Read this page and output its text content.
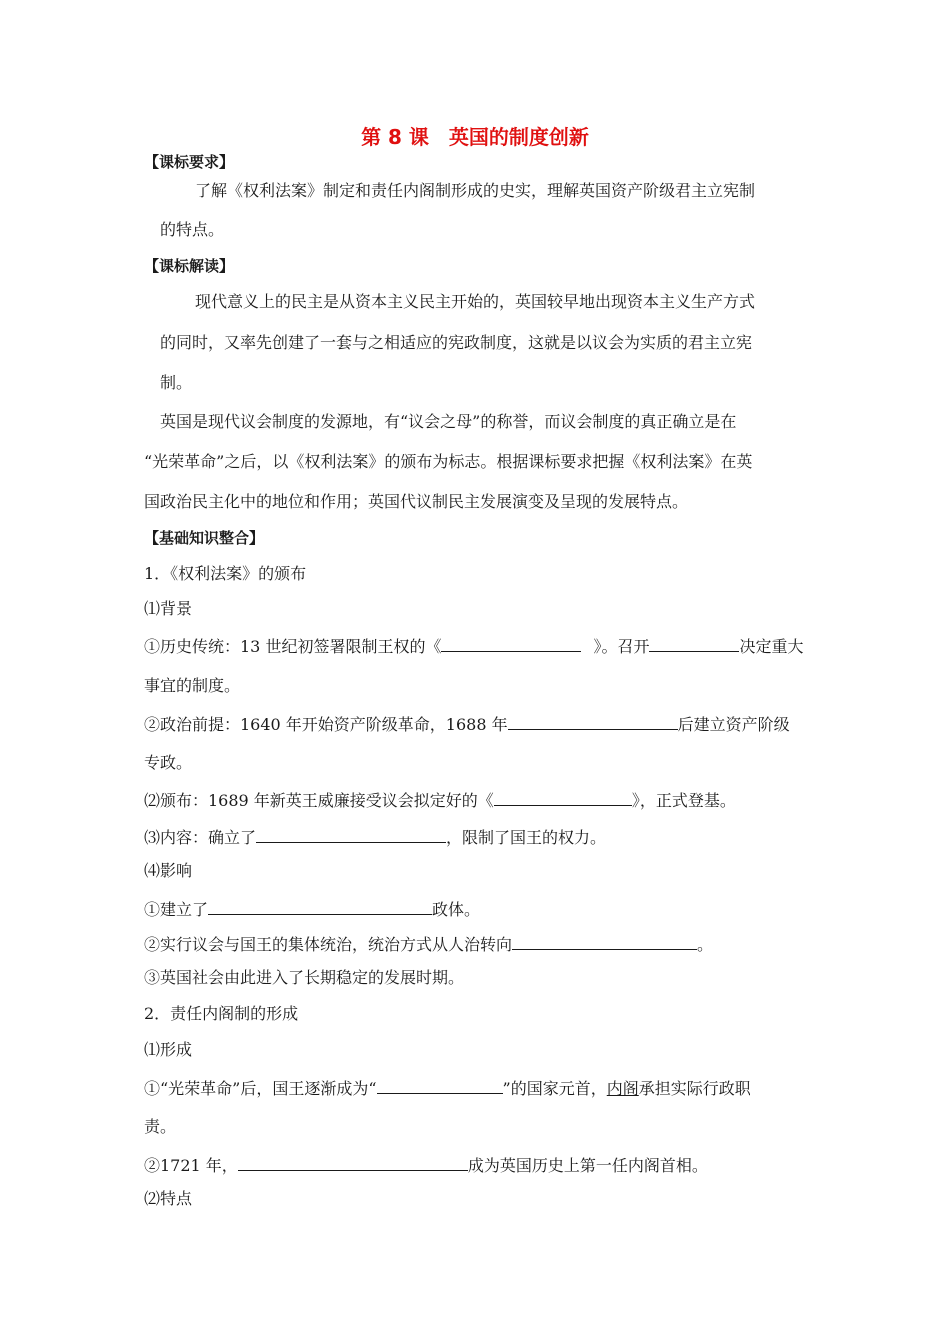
第 8 课　英国的制度创新
【课标要求】
了解《权利法案》制定和责任内阁制形成的史实，理解英国资产阶级君主立宪制
的特点。
【课标解读】
现代意义上的民主是从资本主义民主开始的，英国较早地出现资本主义生产方式
的同时，又率先创建了一套与之相适应的宪政制度，这就是以议会为实质的君主立宪
制。
英国是现代议会制度的发源地，有“议会之母”的称誉，而议会制度的真正确立是在
“光荣革命”之后，以《权利法案》的颁布为标志。根据课标要求把握《权利法案》在英
国政治民主化中的地位和作用；英国代议制民主发展演变及呈现的发展特点。
【基础知识整合】
1．《权利法案》的颁布
⑴背景
①历史传统：13 世纪初签署限制王权的《	》。召开	决定重大
事宜的制度。
②政治前提：1640 年开始资产阶级革命，1688 年	后建立资产阶级
专政。
⑵颁布：1689 年新英王威廉接受议会拟定好的《	》，正式登基。
⑶内容：确立了	，限制了国王的权力。
⑷影响
①建立了	政体。
②实行议会与国王的集体统治，统治方式从人治转向	。
③英国社会由此进入了长期稳定的发展时期。
2．责任内阁制的形成
⑴形成
①“光荣革命”后，国王逐渐成为“	”的国家元首，内阁承担实际行政职
责。
②1721 年，	成为英国历史上第一任内阁首相。
⑵特点
